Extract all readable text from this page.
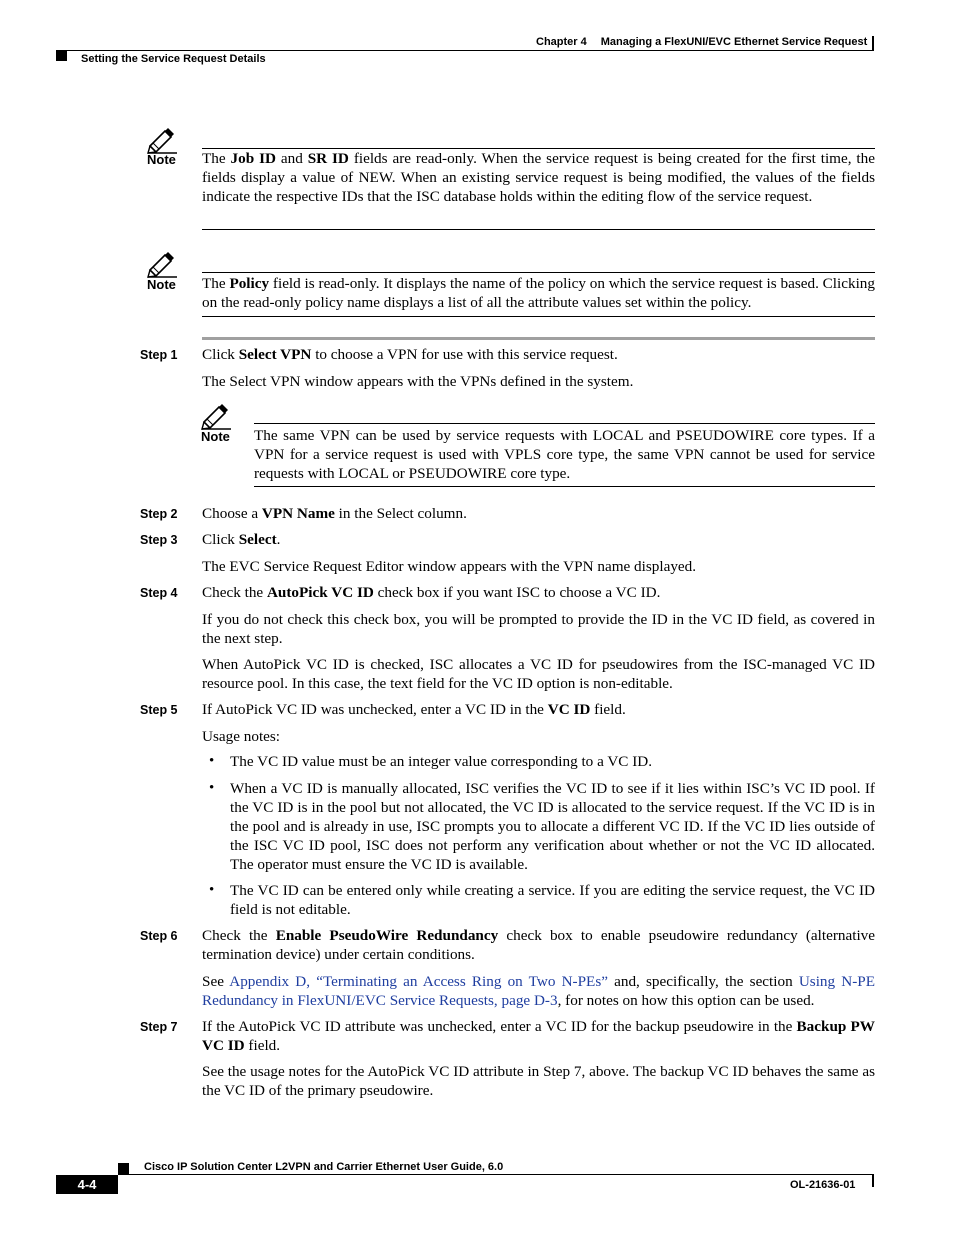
Chapter 4 Managing a FlexUNI/EVC Ethernet Service Request
Setting the Service Request Details
Note The Job ID and SR ID fields are read-only. When the service request is being created for the first time, the fields display a value of NEW. When an existing service request is being modified, the values of the fields indicate the respective IDs that the ISC database holds within the editing flow of the service request.

Note The Policy field is read-only. It displays the name of the policy on which the service request is based. Clicking on the read-only policy name displays a list of all the attribute values set within the policy.

Step 1 Click Select VPN to choose a VPN for use with this service request.

The Select VPN window appears with the VPNs defined in the system.

Note The same VPN can be used by service requests with LOCAL and PSEUDOWIRE core types. If a VPN for a service request is used with VPLS core type, the same VPN cannot be used for service requests with LOCAL or PSEUDOWIRE core type.

Step 2 Choose a VPN Name in the Select column.

Step 3 Click Select.

The EVC Service Request Editor window appears with the VPN name displayed.

Step 4 Check the AutoPick VC ID check box if you want ISC to choose a VC ID.

If you do not check this check box, you will be prompted to provide the ID in the VC ID field, as covered in the next step.

When AutoPick VC ID is checked, ISC allocates a VC ID for pseudowires from the ISC-managed VC ID resource pool. In this case, the text field for the VC ID option is non-editable.

Step 5 If AutoPick VC ID was unchecked, enter a VC ID in the VC ID field.

Usage notes:

• The VC ID value must be an integer value corresponding to a VC ID.

• When a VC ID is manually allocated, ISC verifies the VC ID to see if it lies within ISC’s VC ID pool. If the VC ID is in the pool but not allocated, the VC ID is allocated to the service request. If the VC ID is in the pool and is already in use, ISC prompts you to allocate a different VC ID. If the VC ID lies outside of the ISC VC ID pool, ISC does not perform any verification about whether or not the VC ID allocated. The operator must ensure the VC ID is available.

• The VC ID can be entered only while creating a service. If you are editing the service request, the VC ID field is not editable.

Step 6 Check the Enable PseudoWire Redundancy check box to enable pseudowire redundancy (alternative termination device) under certain conditions.

See Appendix D, “Terminating an Access Ring on Two N-PEs” and, specifically, the section Using N-PE Redundancy in FlexUNI/EVC Service Requests, page D-3, for notes on how this option can be used.

Step 7 If the AutoPick VC ID attribute was unchecked, enter a VC ID for the backup pseudowire in the Backup PW VC ID field.

See the usage notes for the AutoPick VC ID attribute in Step 7, above. The backup VC ID behaves the same as the VC ID of the primary pseudowire.

Cisco IP Solution Center L2VPN and Carrier Ethernet User Guide, 6.0
4-4	OL-21636-01
